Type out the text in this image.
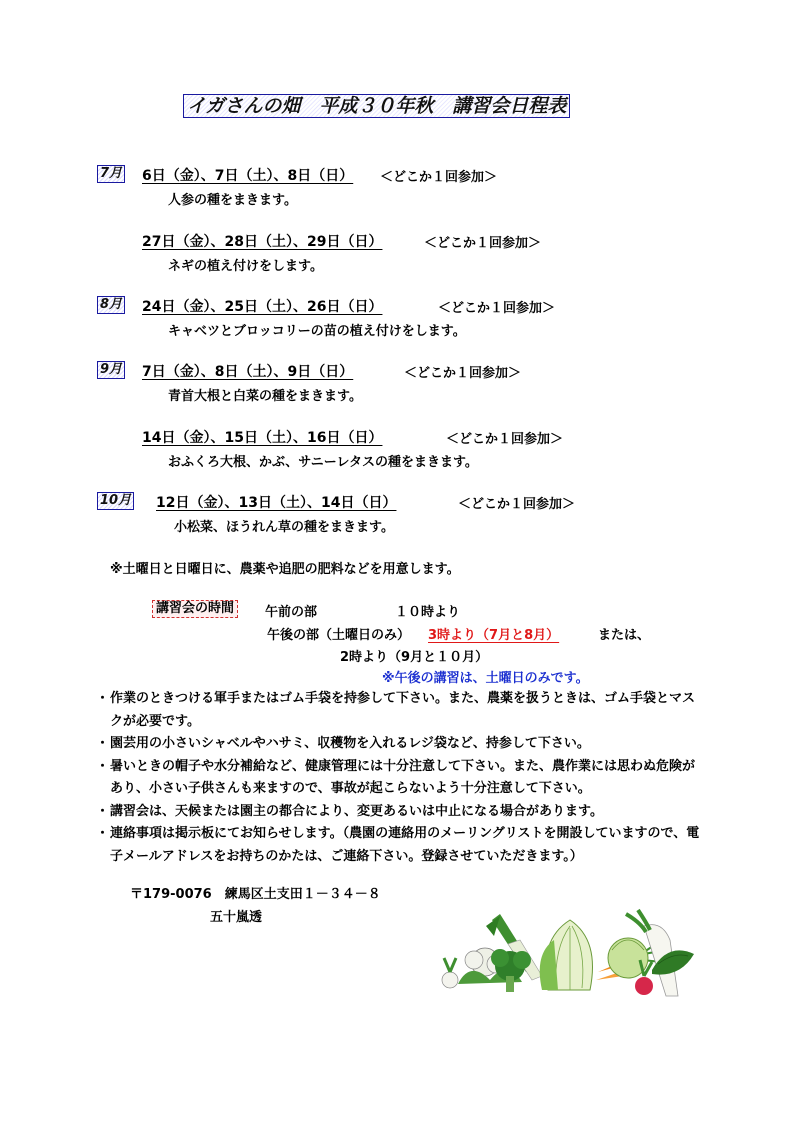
イガさんの畑　平成３０年秋　講習会日程表
7月 6日（金）、7日（土）、8日（日） ＜どこか１回参加＞
人参の種をまきます。
27日（金）、28日（土）、29日（日）	＜どこか１回参加＞
ネギの植え付けをします。
8月 24日（金）、25日（土）、26日（日）	＜どこか１回参加＞
キャベツとブロッコリーの苗の植え付けをします。
9月 7日（金）、8日（土）、9日（日）	＜どこか１回参加＞
青首大根と白菜の種をまきます。
14日（金）、15日（土）、16日（日）	＜どこか１回参加＞
おふくろ大根、かぶ、サニーレタスの種をまきます。
10月 12日（金）、13日（土）、14日（日）	＜どこか１回参加＞
小松菜、ほうれん草の種をまきます。
※土曜日と日曜日に、農薬や追肥の肥料などを用意します。
講習会の時間	午前の部	１０時より
午後の部（土曜日のみ） 3時より（7月と8月）	または、
2時より（9月と１０月）
※午後の講習は、土曜日のみです。
・ 作業のときつける軍手またはゴム手袋を持参して下さい。また、農薬を扱うときは、ゴム手袋とマスクが必要です。
・ 園芸用の小さいシャベルやハサミ、収穫物を入れるレジ袋など、持参して下さい。
・ 暑いときの帽子や水分補給など、健康管理には十分注意して下さい。また、農作業には思わぬ危険があり、小さい子供さんも来ますので、事故が起こらないよう十分注意して下さい。
・ 講習会は、天候または園主の都合により、変更あるいは中止になる場合があります。
・ 連絡事項は掲示板にてお知らせします。（農園の連絡用のメーリングリストを開設していますので、電子メールアドレスをお持ちのかたは、ご連絡下さい。登録させていただきます。）
〒179-0076　練馬区土支田１－３４－８
五十嵐透
